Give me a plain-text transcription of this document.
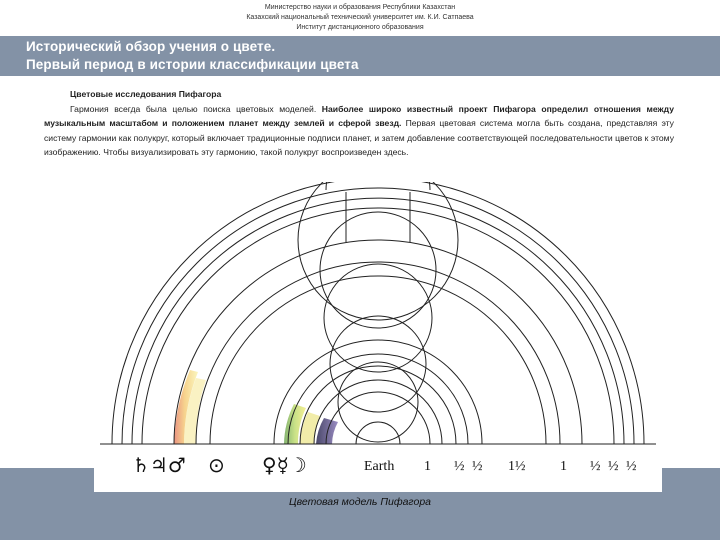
Министерство науки и образования Республики Казахстан
Казахский национальный технический университет им. К.И. Сатпаева
Институт дистанционного образования
Исторический обзор учения о цвете.
Первый период в истории классификации цвета
Цветовые исследования Пифагора
Гармония всегда была целью поиска цветовых моделей. Наиболее широко известный проект Пифагора определил отношения между музыкальным масштабом и положением планет между землей и сферой звезд. Первая цветовая система могла быть создана, представляя эту систему гармонии как полукруг, который включает традиционные подписи планет, и затем добавление соответствующей последовательности цветов к этому изображению. Чтобы визуализировать эту гармонию, такой полукруг воспроизведен здесь.
♄♃♂ ⊙ ♀☿☽	Earth 1 ½ ½ 1½ 1 ½ ½ ½
Цветовая модель Пифагора
